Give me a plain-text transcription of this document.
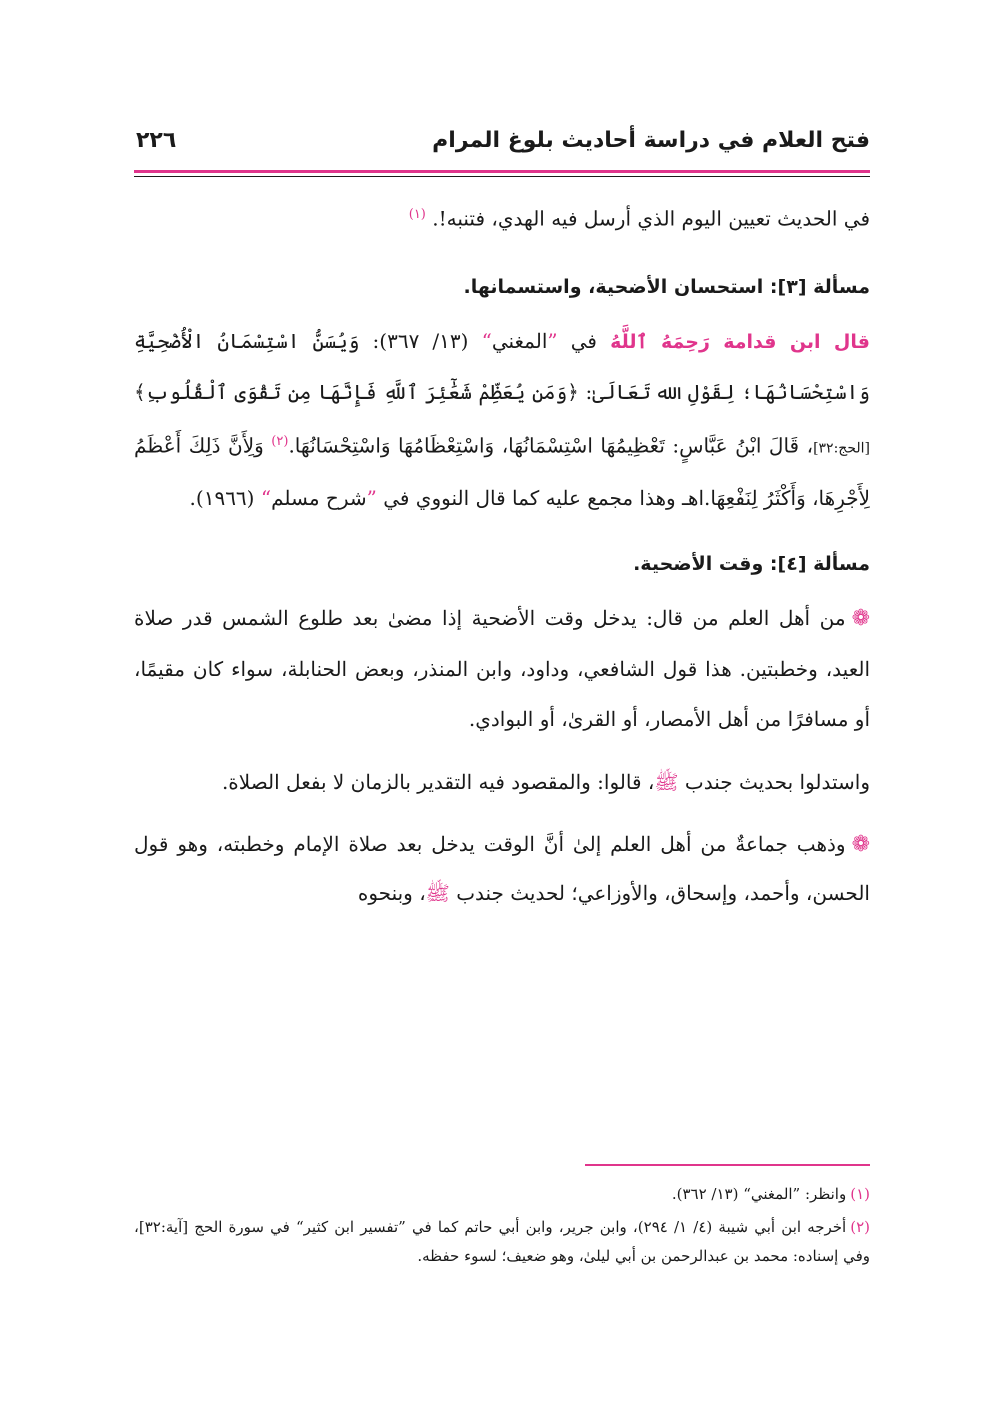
فتح العلام في دراسة أحاديث بلوغ المرام
٢٢٦

في الحديث تعيين اليوم الذي أرسل فيه الهدي، فتنبه!. $^{(١)}$

مسألة [٣]: استحسان الأضحية، واستسمانها.

قال ابن قدامة رَحِمَهُ ٱللَّهُ في ”المغني“ (١٣/ ٣٦٧): وَيُسَنُّ اسْتِسْمَانُ الْأُضْحِيَّةِ وَاسْتِحْسَانُهَا؛ لِقَوْلِ الله تَعَالَىٰ: ﴿وَمَن يُعَظِّمْ شَعَٰٓئِرَ ٱللَّهِ فَإِنَّهَا مِن تَقْوَى ٱلْقُلُوبِ﴾ [الحج:٣٢]، قَالَ ابْنُ عَبَّاسٍ: تَعْظِيمُهَا اسْتِسْمَانُهَا، وَاسْتِعْظَامُهَا وَاسْتِحْسَانُهَا.$^{(٢)}$ وَلِأَنَّ ذَلِكَ أَعْظَمُ لِأَجْرِهَا، وَأَكْثَرُ لِنَفْعِهَا.اهـ وهذا مجمع عليه كما قال النووي في ”شرح مسلم“ (١٩٦٦).

مسألة [٤]: وقت الأضحية.

❁من أهل العلم من قال: يدخل وقت الأضحية إذا مضىٰ بعد طلوع الشمس قدر صلاة العيد، وخطبتين. هذا قول الشافعي، وداود، وابن المنذر، وبعض الحنابلة، سواء كان مقيمًا، أو مسافرًا من أهل الأمصار، أو القرىٰ، أو البوادي.

واستدلوا بحديث جندب ﷺ، قالوا: والمقصود فيه التقدير بالزمان لا بفعل الصلاة.

❁وذهب جماعةٌ من أهل العلم إلىٰ أنَّ الوقت يدخل بعد صلاة الإمام وخطبته، وهو قول الحسن، وأحمد، وإسحاق، والأوزاعي؛ لحديث جندب ﷺ، وبنحوه

(١)وانظر: ”المغني“ (١٣/ ٣٦٢).

(٢)أخرجه ابن أبي شيبة (٤/ ١/ ٢٩٤)، وابن جرير، وابن أبي حاتم كما في ”تفسير ابن كثير“ في سورة الحج [آية:٣٢]، وفي إسناده: محمد بن عبدالرحمن بن أبي ليلىٰ، وهو ضعيف؛ لسوء حفظه.
